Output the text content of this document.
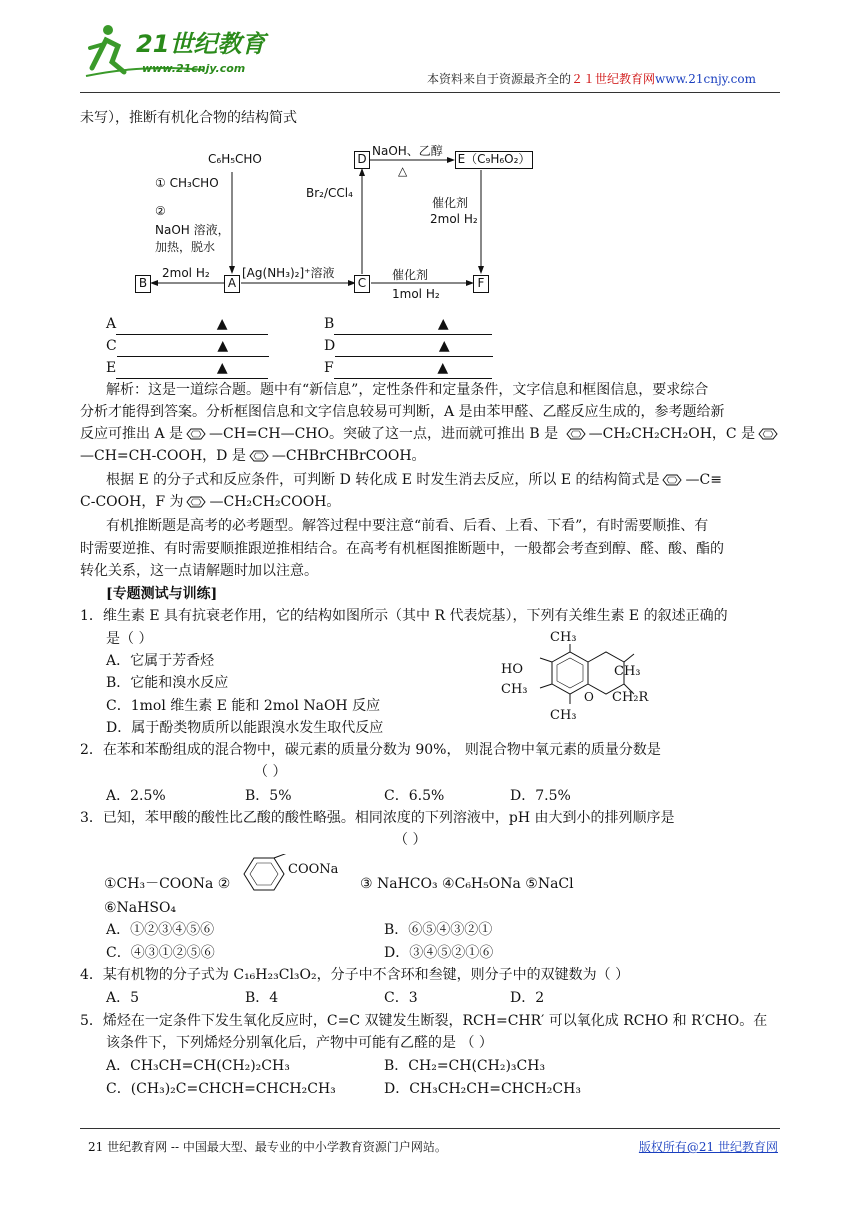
21世纪教育
www.21cnjy.com
本资料来自于资源最齐全的２１世纪教育网www.21cnjy.com
未写），推断有机化合物的结构简式
B	A	C	F
D	E（C₉H₆O₂）
C₆H₅CHO
① CH₃CHO
②
NaOH 溶液，
加热，脱水
2mol H₂	[Ag(NH₃)₂]⁺溶液
Br₂/CCl₄
NaOH、乙醇
△
催化剂
2mol H₂
催化剂
1mol H₂
A	▲	B	▲
C	▲	D	▲
E	▲	F	▲
解析：这是一道综合题。题中有“新信息”，定性条件和定量条件，文字信息和框图信息，要求综合
分析才能得到答案。分析框图信息和文字信息较易可判断，A 是由苯甲醛、乙醛反应生成的，参考题给新
反应可推出 A 是 —CH=CH—CHO。突破了这一点，进而就可推出 B 是 —CH₂CH₂CH₂OH，C 是
—CH=CH-COOH，D 是 —CHBrCHBrCOOH。
根据 E 的分子式和反应条件，可判断 D 转化成 E 时发生消去反应，所以 E 的结构简式是 —C≡
C-COOH，F 为 —CH₂CH₂COOH。
有机推断题是高考的必考题型。解答过程中要注意“前看、后看、上看、下看”，有时需要顺推、有
时需要逆推、有时需要顺推跟逆推相结合。在高考有机框图推断题中，一般都会考查到醇、醛、酸、酯的
转化关系，这一点请解题时加以注意。
[专题测试与训练]
1．维生素 E 具有抗衰老作用，它的结构如图所示（其中 R 代表烷基），下列有关维生素 E 的叙述正确的
是（ ）
A．它属于芳香烃
B．它能和溴水反应
C．1mol 维生素 E 能和 2mol NaOH 反应
D．属于酚类物质所以能跟溴水发生取代反应
CH₃
HO
CH₃
CH₃
CH₂R
O
CH₃
2．在苯和苯酚组成的混合物中，碳元素的质量分数为 90%， 则混合物中氧元素的质量分数是
（ ）
A．2.5%	B．5%	C．6.5%	D．7.5%
3．已知，苯甲酸的酸性比乙酸的酸性略强。相同浓度的下列溶液中，pH 由大到小的排列顺序是
（ ）
①CH₃－COONa ②
COONa
③ NaHCO₃ ④C₆H₅ONa ⑤NaCl
⑥NaHSO₄
A．①②③④⑤⑥	B．⑥⑤④③②①
C．④③①②⑤⑥	D．③④⑤②①⑥
4．某有机物的分子式为 C₁₆H₂₃Cl₃O₂，分子中不含环和叁键，则分子中的双键数为（ ）
A．5	B．4	C．3	D．2
5．烯烃在一定条件下发生氧化反应时，C=C 双键发生断裂，RCH=CHR′ 可以氧化成 RCHO 和 R′CHO。在
该条件下，下列烯烃分别氧化后，产物中可能有乙醛的是 （ ）
A．CH₃CH=CH(CH₂)₂CH₃	B．CH₂=CH(CH₂)₃CH₃
C．(CH₃)₂C=CHCH=CHCH₂CH₃	D．CH₃CH₂CH=CHCH₂CH₃
21 世纪教育网 -- 中国最大型、最专业的中小学教育资源门户网站。	版权所有@21 世纪教育网
